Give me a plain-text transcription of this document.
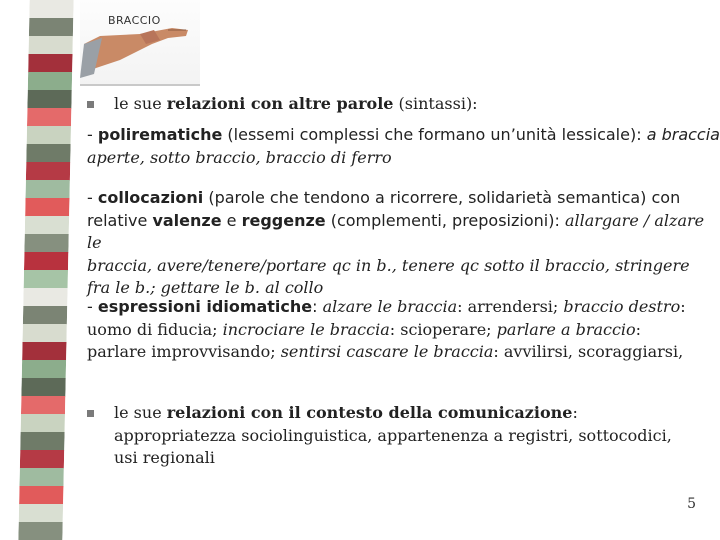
BRACCIO
le sue relazioni con altre parole (sintassi):
- polirematiche (lessemi complessi che formano un’unità lessicale): a braccia
aperte, sotto braccio, braccio di ferro
- collocazioni (parole che tendono a ricorrere, solidarietà semantica) con
relative valenze e reggenze (complementi, preposizioni): allargare / alzare le
braccia, avere/tenere/portare qc in b., tenere qc sotto il braccio, stringere
fra le b.; gettare le b. al collo
- espressioni idiomatiche: alzare le braccia: arrendersi; braccio destro:
uomo di fiducia; incrociare le braccia: scioperare; parlare a braccio:
parlare improvvisando; sentirsi cascare le braccia: avvilirsi, scoraggiarsi,
le sue relazioni con il contesto della comunicazione:
appropriatezza sociolinguistica, appartenenza a registri, sottocodici,
usi regionali
5
